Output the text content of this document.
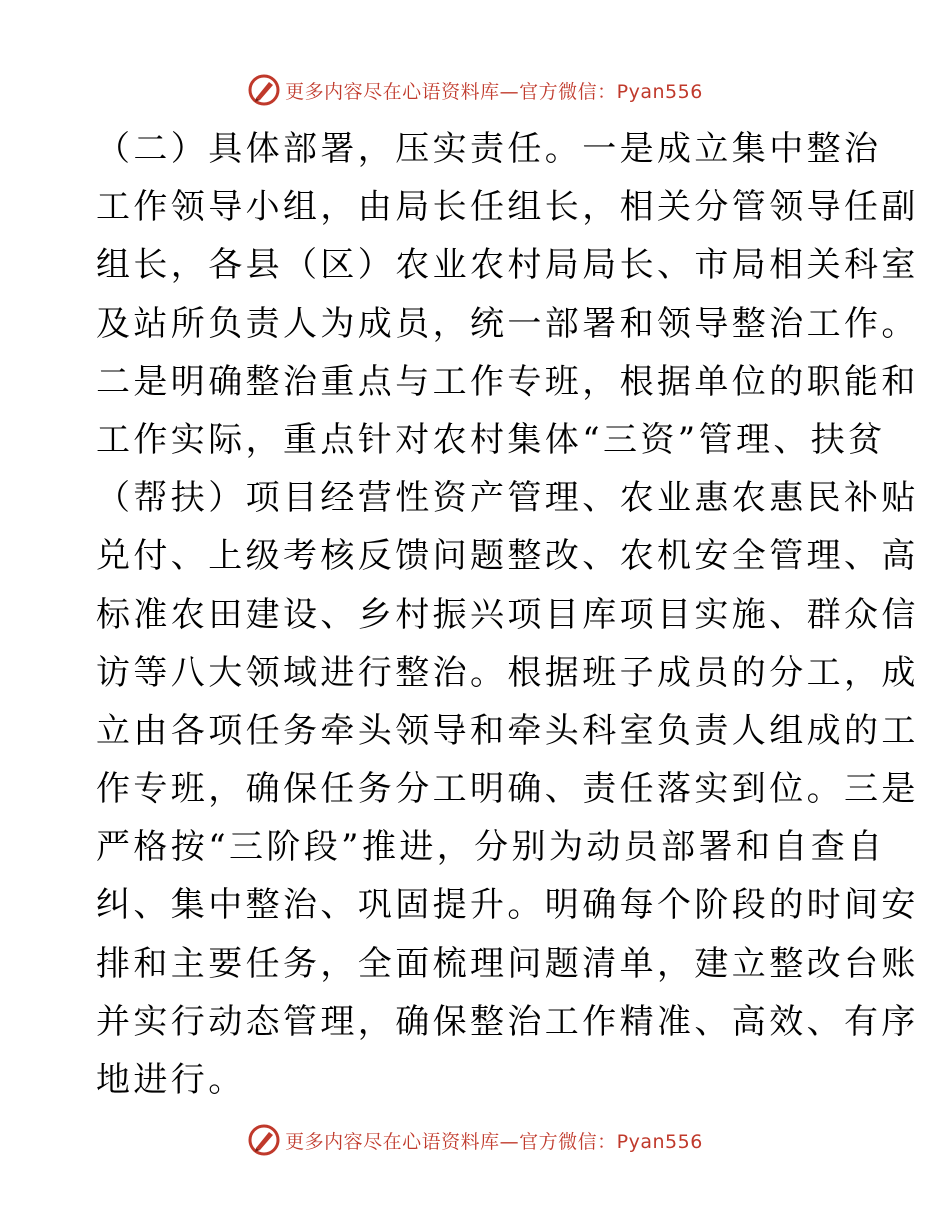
更多内容尽在心语资料库—官方微信：Pyan556
（二）具体部署，压实责任。一是成立集中整治
工作领导小组，由局长任组长，相关分管领导任副
组长，各县（区）农业农村局局长、市局相关科室
及站所负责人为成员，统一部署和领导整治工作。
二是明确整治重点与工作专班，根据单位的职能和
工作实际，重点针对农村集体“三资”管理、扶贫
（帮扶）项目经营性资产管理、农业惠农惠民补贴
兑付、上级考核反馈问题整改、农机安全管理、高
标准农田建设、乡村振兴项目库项目实施、群众信
访等八大领域进行整治。根据班子成员的分工，成
立由各项任务牵头领导和牵头科室负责人组成的工
作专班，确保任务分工明确、责任落实到位。三是
严格按“三阶段”推进，分别为动员部署和自查自
纠、集中整治、巩固提升。明确每个阶段的时间安
排和主要任务，全面梳理问题清单，建立整改台账
并实行动态管理，确保整治工作精准、高效、有序
地进行。
更多内容尽在心语资料库—官方微信：Pyan556
